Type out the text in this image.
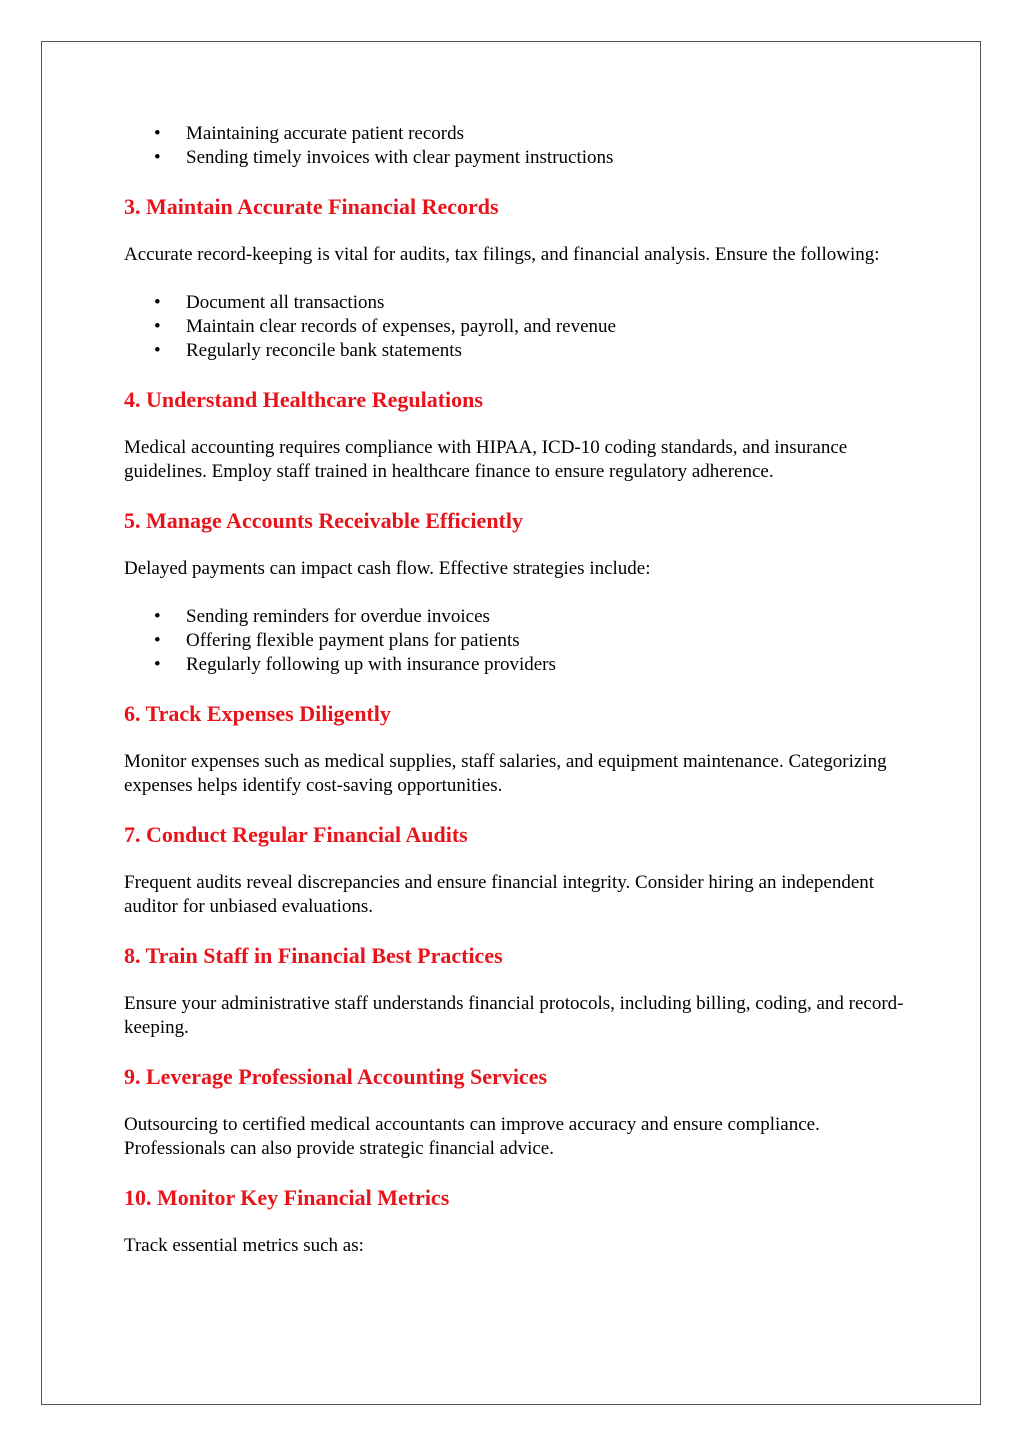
• Maintaining accurate patient records
• Sending timely invoices with clear payment instructions
3. Maintain Accurate Financial Records

Accurate record-keeping is vital for audits, tax filings, and financial analysis. Ensure the following:

• Document all transactions
• Maintain clear records of expenses, payroll, and revenue
• Regularly reconcile bank statements
4. Understand Healthcare Regulations

Medical accounting requires compliance with HIPAA, ICD-10 coding standards, and insurance guidelines. Employ staff trained in healthcare finance to ensure regulatory adherence.

5. Manage Accounts Receivable Efficiently

Delayed payments can impact cash flow. Effective strategies include:

• Sending reminders for overdue invoices
• Offering flexible payment plans for patients
• Regularly following up with insurance providers
6. Track Expenses Diligently

Monitor expenses such as medical supplies, staff salaries, and equipment maintenance. Categorizing expenses helps identify cost-saving opportunities.

7. Conduct Regular Financial Audits

Frequent audits reveal discrepancies and ensure financial integrity. Consider hiring an independent auditor for unbiased evaluations.

8. Train Staff in Financial Best Practices

Ensure your administrative staff understands financial protocols, including billing, coding, and record-keeping.

9. Leverage Professional Accounting Services

Outsourcing to certified medical accountants can improve accuracy and ensure compliance. Professionals can also provide strategic financial advice.

10. Monitor Key Financial Metrics

Track essential metrics such as:
